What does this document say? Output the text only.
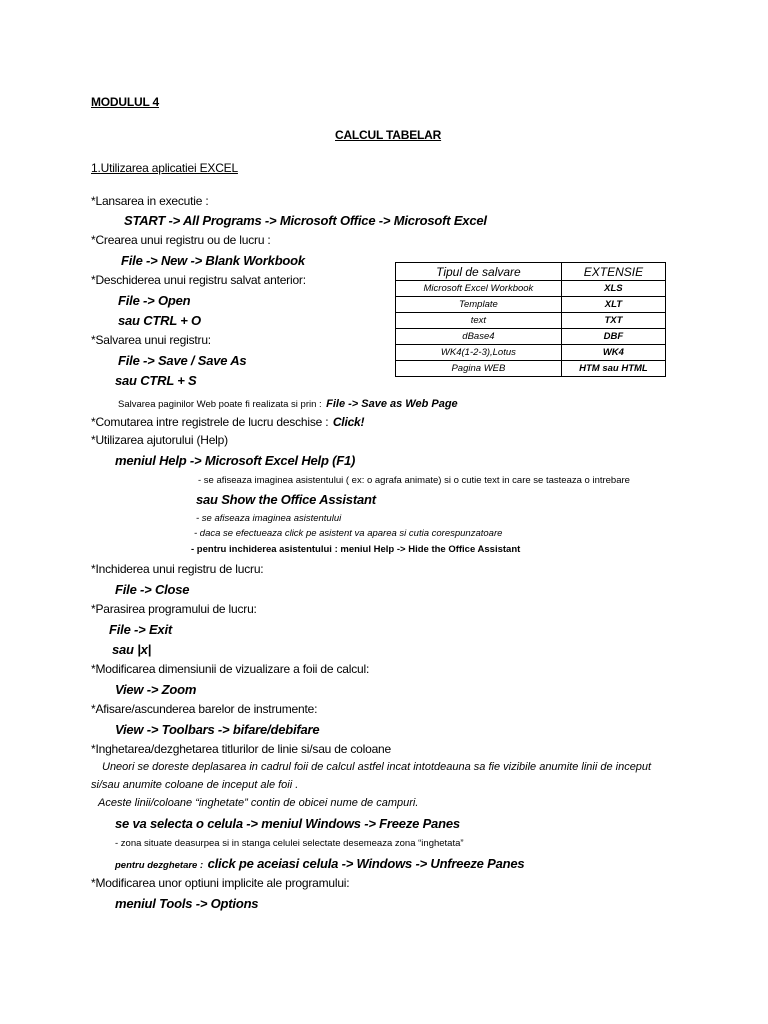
MODULUL 4
CALCUL TABELAR
1.Utilizarea aplicatiei EXCEL
*Lansarea in executie :
START -> All Programs -> Microsoft Office -> Microsoft Excel
*Crearea unui registru ou de lucru :
File -> New -> Blank Workbook
*Deschiderea unui registru salvat anterior:
File -> Open
sau CTRL + O
*Salvarea unui registru:
File -> Save / Save As
sau CTRL + S
Salvarea paginilor Web poate fi realizata si prin : File -> Save as Web Page
*Comutarea intre registrele de lucru deschise : Click!
*Utilizarea ajutorului (Help)
meniul Help -> Microsoft Excel Help (F1)
- se afiseaza imaginea asistentului ( ex: o agrafa animate) si o cutie text in care se tasteaza o intrebare
sau Show the Office Assistant
- se afiseaza imaginea asistentului
- daca se efectueaza click pe asistent va aparea si cutia corespunzatoare
- pentru inchiderea asistentului : meniul Help -> Hide the Office Assistant
*Inchiderea unui registru de lucru:
File -> Close
*Parasirea programului de lucru:
File -> Exit
sau |x|
*Modificarea dimensiunii de vizualizare a foii de calcul:
View -> Zoom
*Afisare/ascunderea barelor de instrumente:
View -> Toolbars -> bifare/debifare
*Inghetarea/dezghetarea titlurilor de linie si/sau de coloane
Uneori se doreste deplasarea in cadrul foii de calcul astfel incat intotdeauna sa fie vizibile anumite linii de inceput
si/sau anumite coloane de inceput ale foii .
Aceste linii/coloane “inghetate” contin de obicei nume de campuri.
se va selecta o celula -> meniul Windows -> Freeze Panes
- zona situate deasurpea si in stanga celulei selectate desemeaza zona “inghetata”
pentru dezghetare : click pe aceiasi celula -> Windows -> Unfreeze Panes
*Modificarea unor optiuni implicite ale programului:
meniul Tools -> Options
Tipul de salvare	EXTENSIE
Microsoft Excel Workbook	XLS
Template	XLT
text	TXT
dBase4	DBF
WK4(1-2-3),Lotus	WK4
Pagina WEB	HTM sau HTML
